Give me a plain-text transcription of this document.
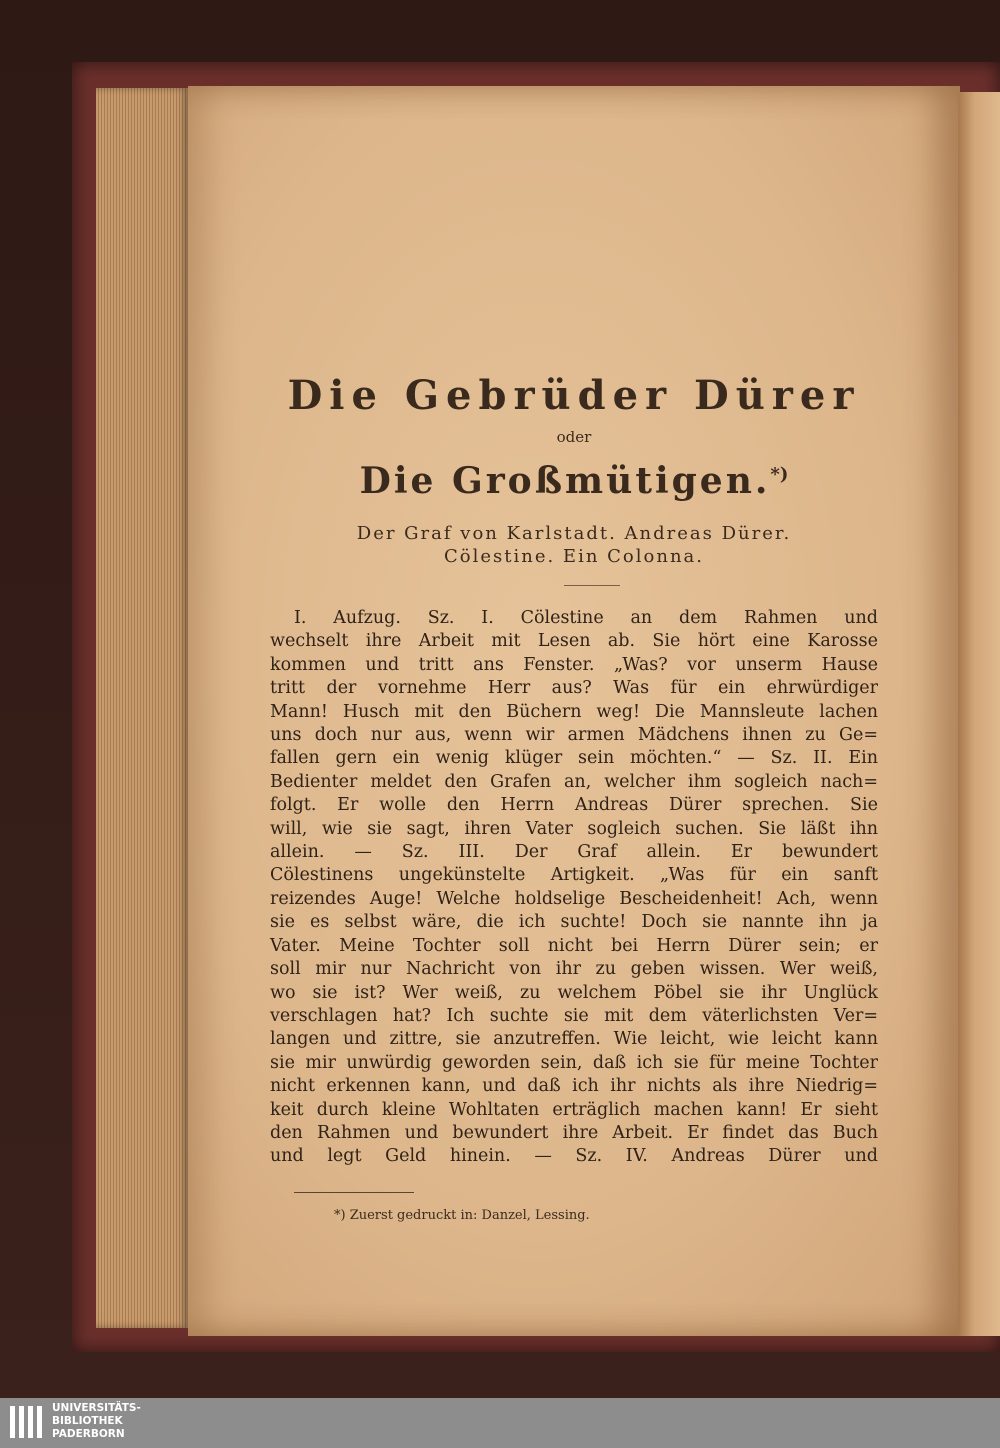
Die Gebrüder Dürer
oder
Die Großmütigen.*)
Der Graf von Karlstadt. Andreas Dürer.
Cölestine. Ein Colonna.
I. Aufzug. Sz. I. Cölestine an dem Rahmen und
wechselt ihre Arbeit mit Lesen ab. Sie hört eine Karosse
kommen und tritt ans Fenster. „Was? vor unserm Hause
tritt der vornehme Herr aus? Was für ein ehrwürdiger
Mann! Husch mit den Büchern weg! Die Mannsleute lachen
uns doch nur aus, wenn wir armen Mädchens ihnen zu Ge=
fallen gern ein wenig klüger sein möchten.“ — Sz. II. Ein
Bedienter meldet den Grafen an, welcher ihm sogleich nach=
folgt. Er wolle den Herrn Andreas Dürer sprechen. Sie
will, wie sie sagt, ihren Vater sogleich suchen. Sie läßt ihn
allein. — Sz. III. Der Graf allein. Er bewundert
Cölestinens ungekünstelte Artigkeit. „Was für ein sanft
reizendes Auge! Welche holdselige Bescheidenheit! Ach, wenn
sie es selbst wäre, die ich suchte! Doch sie nannte ihn ja
Vater. Meine Tochter soll nicht bei Herrn Dürer sein; er
soll mir nur Nachricht von ihr zu geben wissen. Wer weiß,
wo sie ist? Wer weiß, zu welchem Pöbel sie ihr Unglück
verschlagen hat? Ich suchte sie mit dem väterlichsten Ver=
langen und zittre, sie anzutreffen. Wie leicht, wie leicht kann
sie mir unwürdig geworden sein, daß ich sie für meine Tochter
nicht erkennen kann, und daß ich ihr nichts als ihre Niedrig=
keit durch kleine Wohltaten erträglich machen kann! Er sieht
den Rahmen und bewundert ihre Arbeit. Er findet das Buch
und legt Geld hinein. — Sz. IV. Andreas Dürer und
*) Zuerst gedruckt in: Danzel, Lessing.
UNIVERSITÄTS-
BIBLIOTHEK
PADERBORN
